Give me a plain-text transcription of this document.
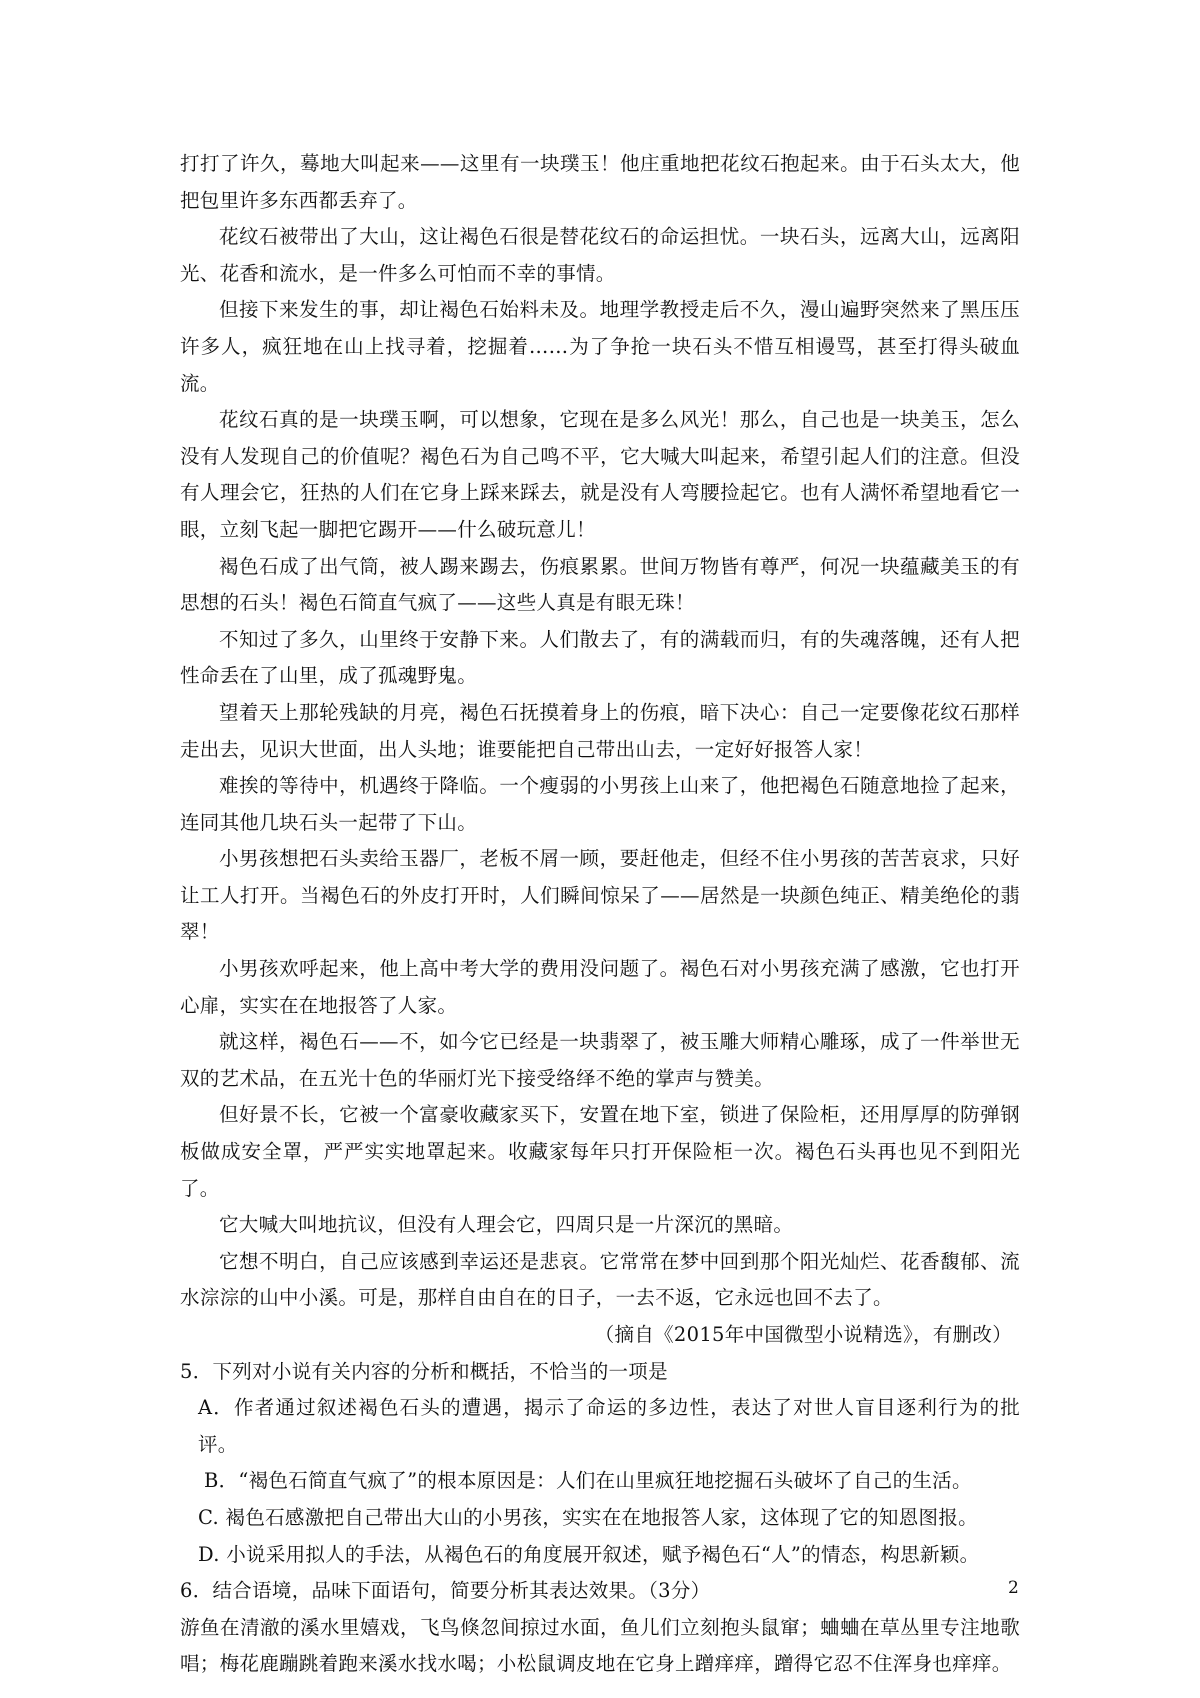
打打了许久，蓦地大叫起来——这里有一块璞玉！他庄重地把花纹石抱起来。由于石头太大，他把包里许多东西都丢弃了。

花纹石被带出了大山，这让褐色石很是替花纹石的命运担忧。一块石头，远离大山，远离阳光、花香和流水，是一件多么可怕而不幸的事情。

但接下来发生的事，却让褐色石始料未及。地理学教授走后不久，漫山遍野突然来了黑压压许多人，疯狂地在山上找寻着，挖掘着……为了争抢一块石头不惜互相谩骂，甚至打得头破血流。

花纹石真的是一块璞玉啊，可以想象，它现在是多么风光！那么，自己也是一块美玉，怎么没有人发现自己的价值呢？褐色石为自己鸣不平，它大喊大叫起来，希望引起人们的注意。但没有人理会它，狂热的人们在它身上踩来踩去，就是没有人弯腰捡起它。也有人满怀希望地看它一眼，立刻飞起一脚把它踢开——什么破玩意儿！

褐色石成了出气筒，被人踢来踢去，伤痕累累。世间万物皆有尊严，何况一块蕴藏美玉的有思想的石头！褐色石简直气疯了——这些人真是有眼无珠！

不知过了多久，山里终于安静下来。人们散去了，有的满载而归，有的失魂落魄，还有人把性命丢在了山里，成了孤魂野鬼。

望着天上那轮残缺的月亮，褐色石抚摸着身上的伤痕，暗下决心：自己一定要像花纹石那样走出去，见识大世面，出人头地；谁要能把自己带出山去，一定好好报答人家！

难挨的等待中，机遇终于降临。一个瘦弱的小男孩上山来了，他把褐色石随意地捡了起来，连同其他几块石头一起带了下山。

小男孩想把石头卖给玉器厂，老板不屑一顾，要赶他走，但经不住小男孩的苦苦哀求，只好让工人打开。当褐色石的外皮打开时，人们瞬间惊呆了——居然是一块颜色纯正、精美绝伦的翡翠！

小男孩欢呼起来，他上高中考大学的费用没问题了。褐色石对小男孩充满了感激，它也打开心扉，实实在在地报答了人家。

就这样，褐色石——不，如今它已经是一块翡翠了，被玉雕大师精心雕琢，成了一件举世无双的艺术品，在五光十色的华丽灯光下接受络绎不绝的掌声与赞美。

但好景不长，它被一个富豪收藏家买下，安置在地下室，锁进了保险柜，还用厚厚的防弹钢板做成安全罩，严严实实地罩起来。收藏家每年只打开保险柜一次。褐色石头再也见不到阳光了。

它大喊大叫地抗议，但没有人理会它，四周只是一片深沉的黑暗。

它想不明白，自己应该感到幸运还是悲哀。它常常在梦中回到那个阳光灿烂、花香馥郁、流水淙淙的山中小溪。可是，那样自由自在的日子，一去不返，它永远也回不去了。

（摘自《2015年中国微型小说精选》，有删改）

5．下列对小说有关内容的分析和概括，不恰当的一项是

A．作者通过叙述褐色石头的遭遇，揭示了命运的多边性，表达了对世人盲目逐利行为的批评。

B．“褐色石简直气疯了”的根本原因是：人们在山里疯狂地挖掘石头破坏了自己的生活。

C. 褐色石感激把自己带出大山的小男孩，实实在在地报答人家，这体现了它的知恩图报。

D. 小说采用拟人的手法，从褐色石的角度展开叙述，赋予褐色石“人”的情态，构思新颖。

6．结合语境，品味下面语句，简要分析其表达效果。（3分）

游鱼在清澈的溪水里嬉戏，飞鸟倏忽间掠过水面，鱼儿们立刻抱头鼠窜；蛐蛐在草丛里专注地歌唱；梅花鹿蹦跳着跑来溪水找水喝；小松鼠调皮地在它身上蹭痒痒，蹭得它忍不住浑身也痒痒。

2
